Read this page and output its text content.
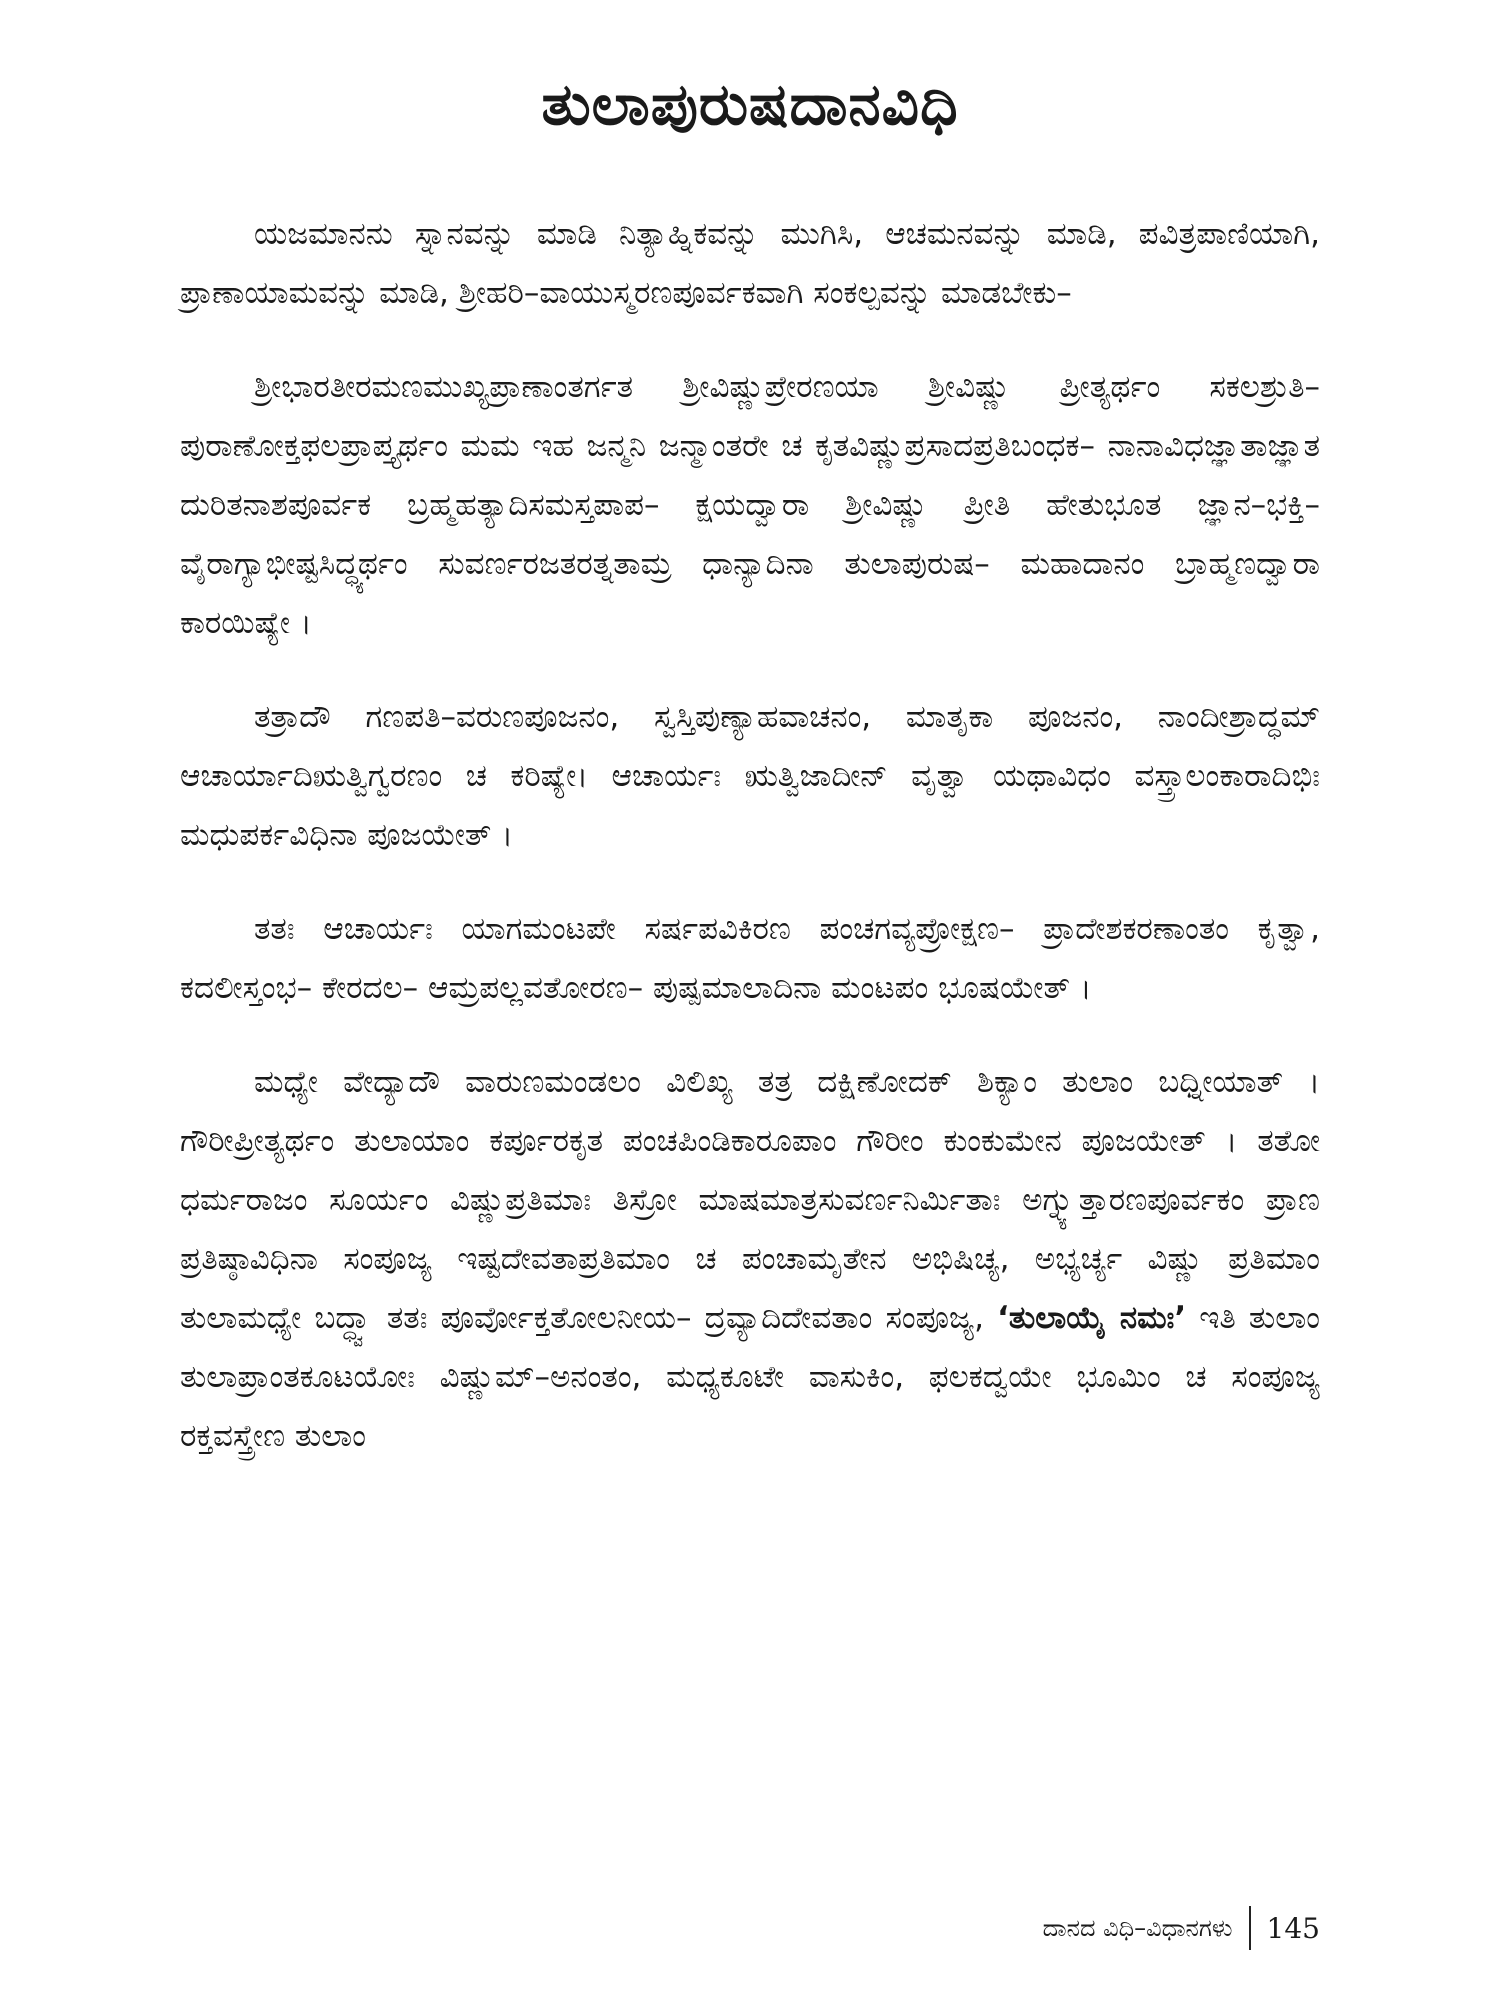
ತುಲಾಪುರುಷದಾನವಿಧಿ

ಯಜಮಾನನು ಸ್ನಾನವನ್ನು ಮಾಡಿ ನಿತ್ಯಾಹ್ನಿಕವನ್ನು ಮುಗಿಸಿ, ಆಚಮನವನ್ನು ಮಾಡಿ, ಪವಿತ್ರಪಾಣಿಯಾಗಿ, ಪ್ರಾಣಾಯಾಮವನ್ನು ಮಾಡಿ, ಶ್ರೀಹರಿ–ವಾಯುಸ್ಮರಣಪೂರ್ವಕವಾಗಿ ಸಂಕಲ್ಪವನ್ನು ಮಾಡಬೇಕು–

ಶ್ರೀಭಾರತೀರಮಣಮುಖ್ಯಪ್ರಾಣಾಂತರ್ಗತ ಶ್ರೀವಿಷ್ಣುಪ್ರೇರಣಯಾ ಶ್ರೀವಿಷ್ಣು ಪ್ರೀತ್ಯರ್ಥಂ ಸಕಲಶ್ರುತಿ–ಪುರಾಣೋಕ್ತಫಲಪ್ರಾಪ್ತ್ಯರ್ಥಂ ಮಮ ಇಹ ಜನ್ಮನಿ ಜನ್ಮಾಂತರೇ ಚ ಕೃತವಿಷ್ಣುಪ್ರಸಾದಪ್ರತಿಬಂಧಕ– ನಾನಾವಿಧಜ್ಞಾತಾಜ್ಞಾತ ದುರಿತನಾಶಪೂರ್ವಕ ಬ್ರಹ್ಮಹತ್ಯಾದಿಸಮಸ್ತಪಾಪ– ಕ್ಷಯದ್ವಾರಾ ಶ್ರೀವಿಷ್ಣು ಪ್ರೀತಿ ಹೇತುಭೂತ ಜ್ಞಾನ–ಭಕ್ತಿ–ವೈರಾಗ್ಯಾಭೀಷ್ಟಸಿದ್ಧ್ಯರ್ಥಂ ಸುವರ್ಣರಜತರತ್ನತಾಮ್ರ ಧಾನ್ಯಾದಿನಾ ತುಲಾಪುರುಷ– ಮಹಾದಾನಂ ಬ್ರಾಹ್ಮಣದ್ವಾರಾ ಕಾರಯಿಷ್ಯೇ ।

ತತ್ರಾದೌ ಗಣಪತಿ–ವರುಣಪೂಜನಂ, ಸ್ವಸ್ತಿಪುಣ್ಯಾಹವಾಚನಂ, ಮಾತೃಕಾ ಪೂಜನಂ, ನಾಂದೀಶ್ರಾದ್ಧಮ್ ಆಚಾರ್ಯಾದಿಋತ್ವಿಗ್ವರಣಂ ಚ ಕರಿಷ್ಯೇ। ಆಚಾರ್ಯಃ ಋತ್ವಿಜಾದೀನ್ ವೃತ್ವಾ ಯಥಾವಿಧಂ ವಸ್ತ್ರಾಲಂಕಾರಾದಿಭಿಃ ಮಧುಪರ್ಕವಿಧಿನಾ ಪೂಜಯೇತ್ ।

ತತಃ ಆಚಾರ್ಯಃ ಯಾಗಮಂಟಪೇ ಸರ್ಷಪವಿಕಿರಣ ಪಂಚಗವ್ಯಪ್ರೋಕ್ಷಣ– ಪ್ರಾದೇಶಕರಣಾಂತಂ ಕೃತ್ವಾ, ಕದಲೀಸ್ತಂಭ– ಕೇರದಲ– ಆಮ್ರಪಲ್ಲವತೋರಣ– ಪುಷ್ಪಮಾಲಾದಿನಾ ಮಂಟಪಂ ಭೂಷಯೇತ್ ।

ಮಧ್ಯೇ ವೇದ್ಯಾದೌ ವಾರುಣಮಂಡಲಂ ವಿಲಿಖ್ಯ ತತ್ರ ದಕ್ಷಿಣೋದಕ್ ಶಿಕ್ಯಾಂ ತುಲಾಂ ಬಧ್ನೀಯಾತ್ । ಗೌರೀಪ್ರೀತ್ಯರ್ಥಂ ತುಲಾಯಾಂ ಕರ್ಪೂರಕೃತ ಪಂಚಪಿಂಡಿಕಾರೂಪಾಂ ಗೌರೀಂ ಕುಂಕುಮೇನ ಪೂಜಯೇತ್ । ತತೋ ಧರ್ಮರಾಜಂ ಸೂರ್ಯಂ ವಿಷ್ಣುಪ್ರತಿಮಾಃ ತಿಸ್ರೋ ಮಾಷಮಾತ್ರಸುವರ್ಣನಿರ್ಮಿತಾಃ ಅಗ್ನ್ಯುತ್ತಾರಣಪೂರ್ವಕಂ ಪ್ರಾಣ ಪ್ರತಿಷ್ಠಾವಿಧಿನಾ ಸಂಪೂಜ್ಯ ಇಷ್ಟದೇವತಾಪ್ರತಿಮಾಂ ಚ ಪಂಚಾಮೃತೇನ ಅಭಿಷಿಚ್ಯ, ಅಭ್ಯರ್ಚ್ಯ ವಿಷ್ಣು ಪ್ರತಿಮಾಂ ತುಲಾಮಧ್ಯೇ ಬದ್ಧ್ವಾ ತತಃ ಪೂರ್ವೋಕ್ತತೋಲನೀಯ– ದ್ರವ್ಯಾದಿದೇವತಾಂ ಸಂಪೂಜ್ಯ, ‘ತುಲಾಯೈ ನಮಃ’ ಇತಿ ತುಲಾಂ ತುಲಾಪ್ರಾಂತಕೂಟಯೋಃ ವಿಷ್ಣುಮ್–ಅನಂತಂ, ಮಧ್ಯಕೂಟೇ ವಾಸುಕಿಂ, ಫಲಕದ್ವಯೇ ಭೂಮಿಂ ಚ ಸಂಪೂಜ್ಯ ರಕ್ತವಸ್ತ್ರೇಣ ತುಲಾಂ

ದಾನದ ವಿಧಿ–ವಿಧಾನಗಳು 145
